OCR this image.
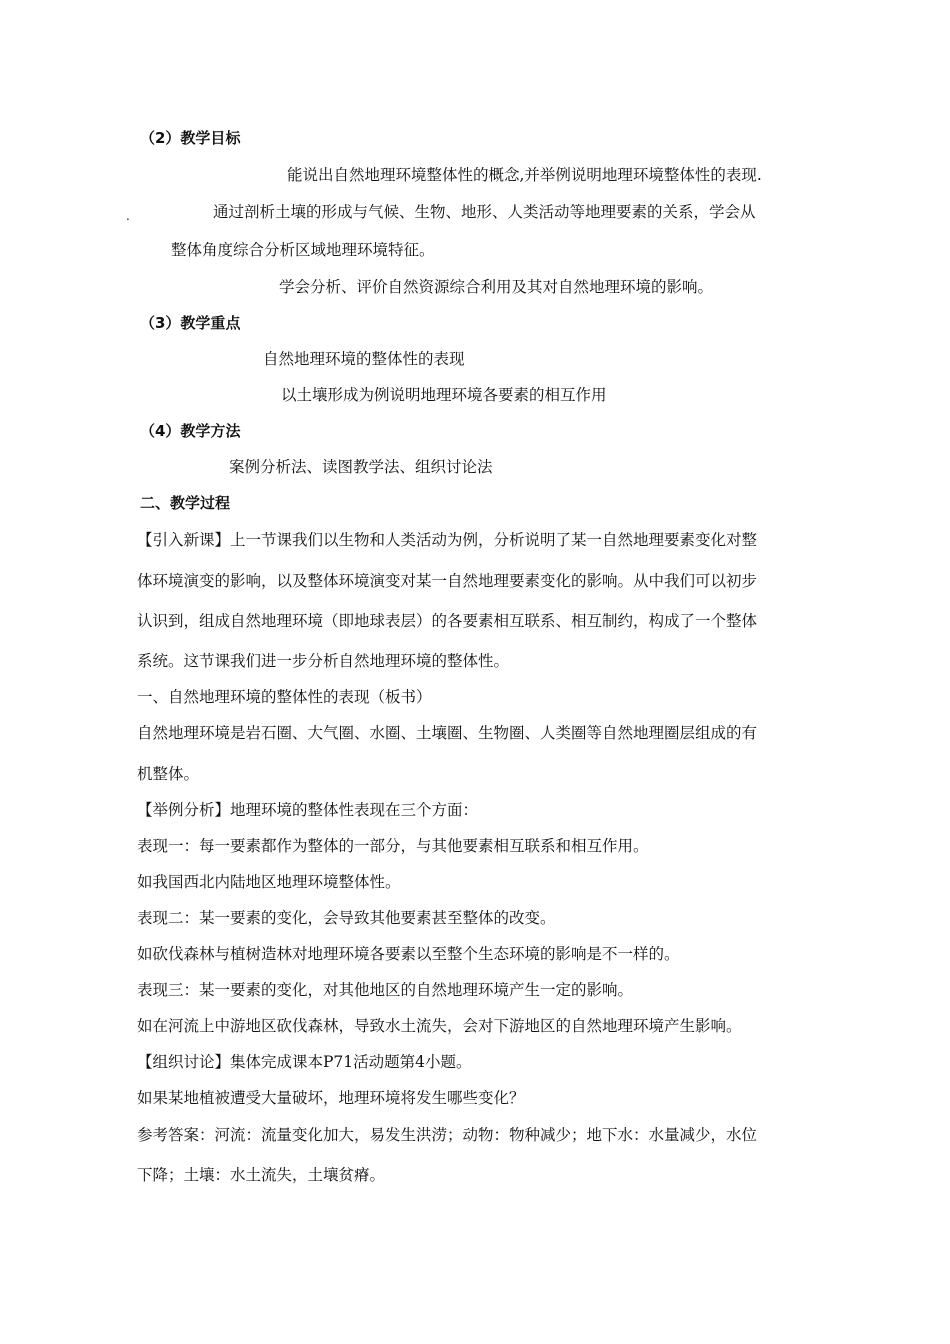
（2）教学目标
能说出自然地理环境整体性的概念,并举例说明地理环境整体性的表现.
.	通过剖析土壤的形成与气候、生物、地形、人类活动等地理要素的关系，学会从
整体角度综合分析区域地理环境特征。
学会分析、评价自然资源综合利用及其对自然地理环境的影响。
（3）教学重点
自然地理环境的整体性的表现
以土壤形成为例说明地理环境各要素的相互作用
（4）教学方法
案例分析法、读图教学法、组织讨论法
二、教学过程
【引入新课】上一节课我们以生物和人类活动为例，分析说明了某一自然地理要素变化对整
体环境演变的影响，以及整体环境演变对某一自然地理要素变化的影响。从中我们可以初步
认识到，组成自然地理环境（即地球表层）的各要素相互联系、相互制约，构成了一个整体
系统。这节课我们进一步分析自然地理环境的整体性。
一、自然地理环境的整体性的表现（板书）
自然地理环境是岩石圈、大气圈、水圈、土壤圈、生物圈、人类圈等自然地理圈层组成的有
机整体。
【举例分析】地理环境的整体性表现在三个方面：
表现一：每一要素都作为整体的一部分，与其他要素相互联系和相互作用。
如我国西北内陆地区地理环境整体性。
表现二：某一要素的变化，会导致其他要素甚至整体的改变。
如砍伐森林与植树造林对地理环境各要素以至整个生态环境的影响是不一样的。
表现三：某一要素的变化，对其他地区的自然地理环境产生一定的影响。
如在河流上中游地区砍伐森林，导致水土流失，会对下游地区的自然地理环境产生影响。
【组织讨论】集体完成课本P71活动题第4小题。
如果某地植被遭受大量破坏，地理环境将发生哪些变化？
参考答案：河流：流量变化加大，易发生洪涝；动物：物种减少；地下水：水量减少，水位
下降；土壤：水土流失，土壤贫瘠。
